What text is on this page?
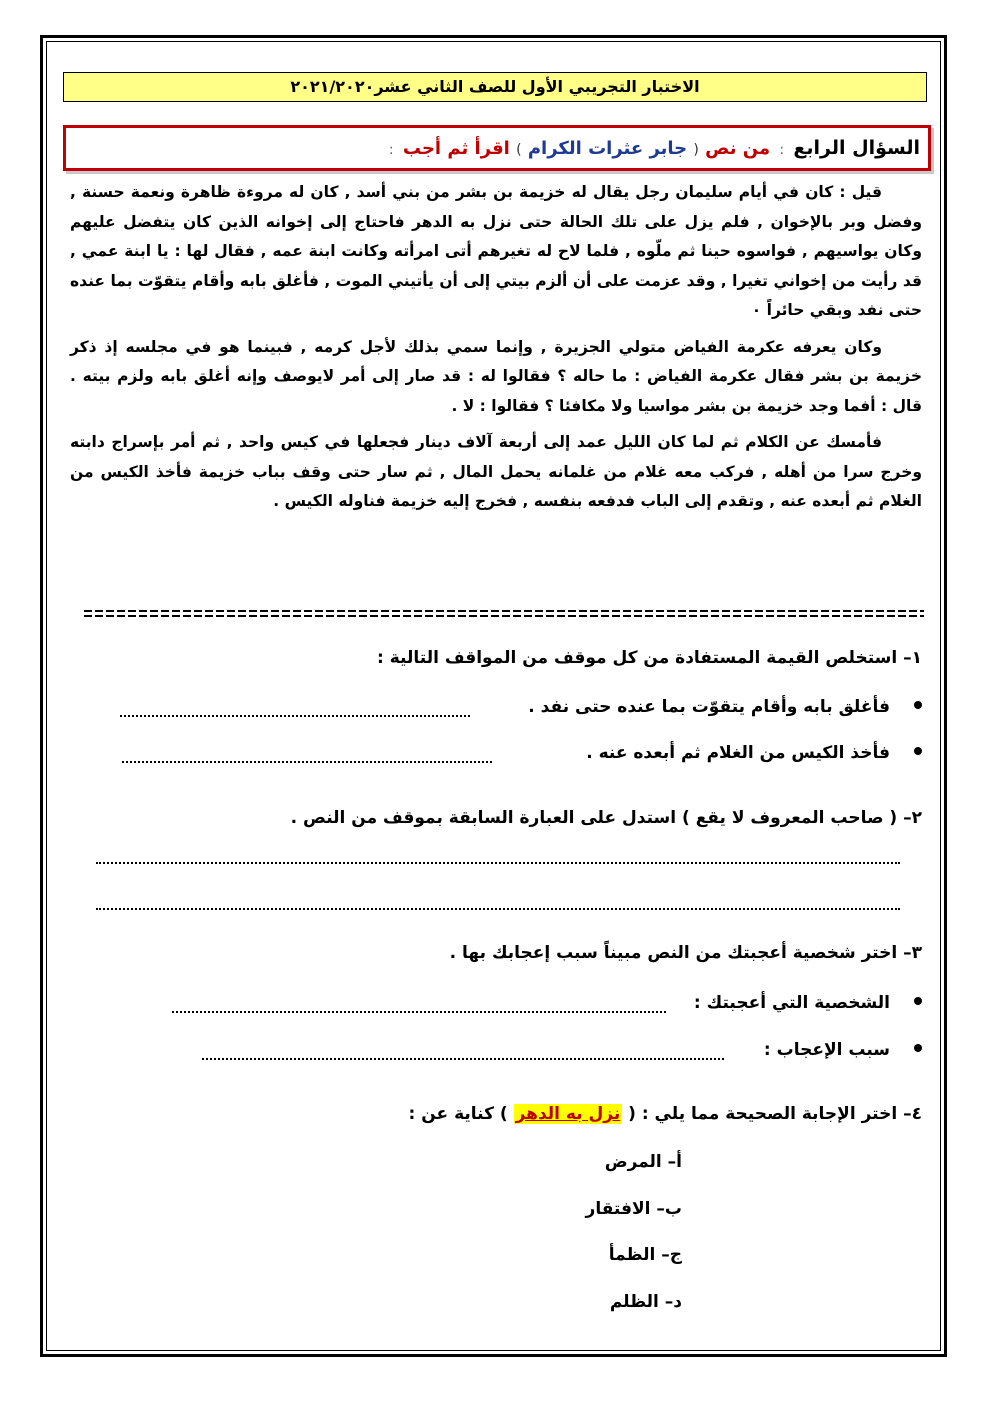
الاختبار التجريبي الأول للصف الثاني عشر٢٠٢١/٢٠٢٠
السؤال الرابع : من نص ( جابر عثرات الكرام ) اقرأ ثم أجب :

قيل : كان في أيام سليمان رجل يقال له خزيمة بن بشر من بني أسد , كان له مروءة ظاهرة ونعمة حسنة , وفضل وبر بالإخوان , فلم يزل على تلك الحالة حتى نزل به الدهر فاحتاج إلى إخوانه الذين كان يتفضل عليهم وكان يواسيهم , فواسوه حينا ثم ملّوه , فلما لاح له تغيرهم أتى امرأته وكانت ابنة عمه , فقال لها : يا ابنة عمي , قد رأيت من إخواني تغيرا , وقد عزمت على أن ألزم بيتي إلى أن يأتيني الموت , فأغلق بابه وأقام يتقوّت بما عنده حتى نفد وبقي حائراً ٠

وكان يعرفه عكرمة الفياض متولي الجزيرة , وإنما سمي بذلك لأجل كرمه , فبينما هو في مجلسه إذ ذكر خزيمة بن بشر فقال عكرمة الفياض : ما حاله ؟ فقالوا له : قد صار إلى أمر لايوصف وإنه أغلق بابه ولزم بيته . قال : أفما وجد خزيمة بن بشر مواسيا ولا مكافئا ؟ فقالوا : لا .

فأمسك عن الكلام ثم لما كان الليل عمد إلى أربعة آلاف دينار فجعلها في كيس واحد , ثم أمر بإسراج دابته وخرج سرا من أهله , فركب معه غلام من غلمانه يحمل المال , ثم سار حتى وقف بباب خزيمة فأخذ الكيس من الغلام ثم أبعده عنه , وتقدم إلى الباب فدفعه بنفسه , فخرج إليه خزيمة فناوله الكيس .

١– استخلص القيمة المستفادة من كل موقف من المواقف التالية :
فأغلق بابه وأقام يتقوّت بما عنده حتى نفد .
فأخذ الكيس من الغلام ثم أبعده عنه .
٢– ( صاحب المعروف لا يقع ) استدل على العبارة السابقة بموقف من النص .
٣– اختر شخصية أعجبتك من النص مبيناً سبب إعجابك بها .
الشخصية التي أعجبتك :
سبب الإعجاب :
٤– اختر الإجابة الصحيحة مما يلي : ( نزل به الدهر ) كناية عن :
أ– المرض
ب– الافتقار
ج– الظمأ
د– الظلم
